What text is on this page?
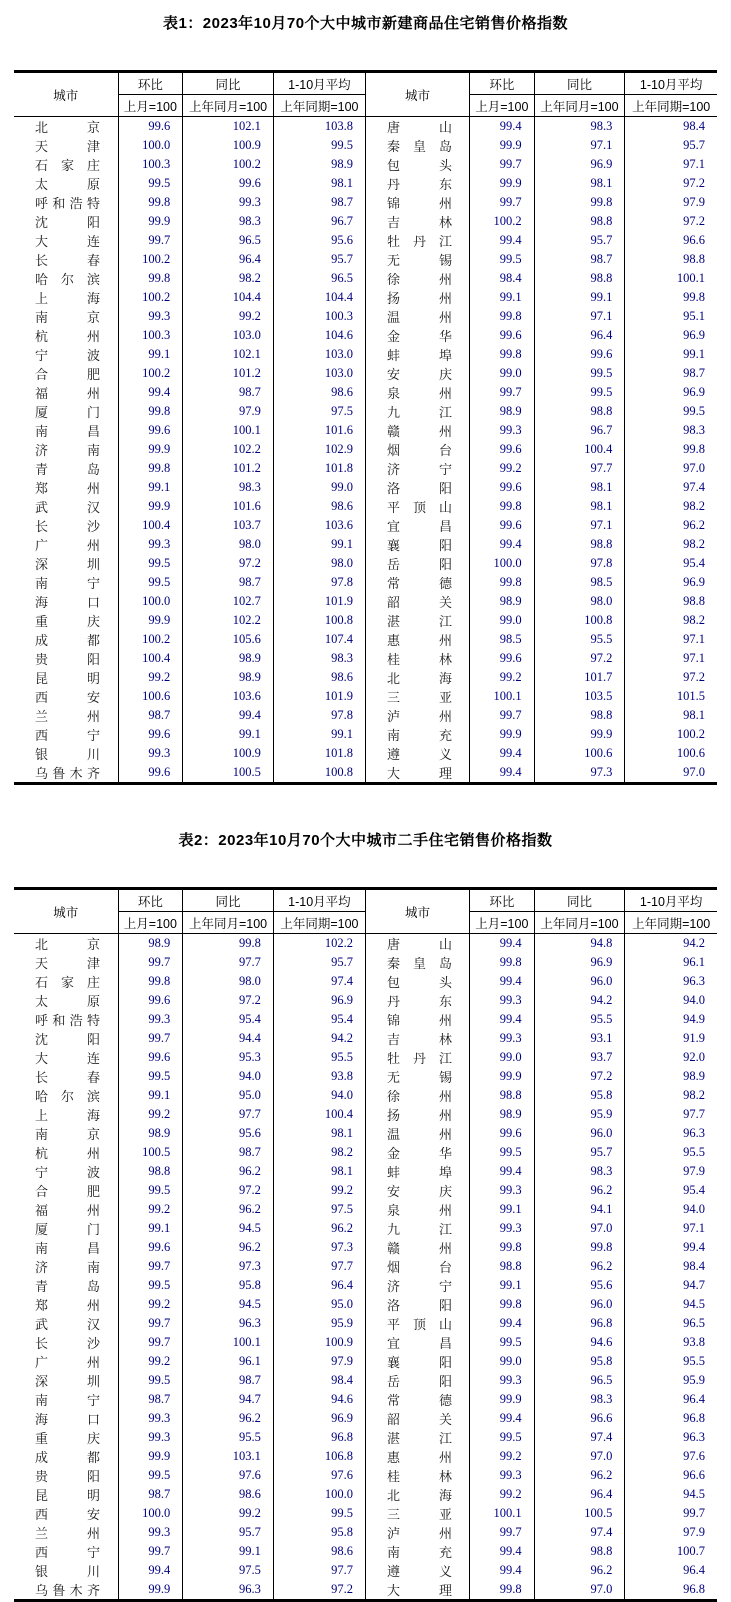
表1：2023年10月70个大中城市新建商品住宅销售价格指数
城市	环比	同比	1-10月平均	城市	环比	同比	1-10月平均
	上月=100	上年同月=100	上年同期=100		上月=100	上年同月=100	上年同期=100
北京	99.6	102.1	103.8	唐山	99.4	98.3	98.4
天津	100.0	100.9	99.5	秦皇岛	99.9	97.1	95.7
石家庄	100.3	100.2	98.9	包头	99.7	96.9	97.1
太原	99.5	99.6	98.1	丹东	99.9	98.1	97.2
呼和浩特	99.8	99.3	98.7	锦州	99.7	99.8	97.9
沈阳	99.9	98.3	96.7	吉林	100.2	98.8	97.2
大连	99.7	96.5	95.6	牡丹江	99.4	95.7	96.6
长春	100.2	96.4	95.7	无锡	99.5	98.7	98.8
哈尔滨	99.8	98.2	96.5	徐州	98.4	98.8	100.1
上海	100.2	104.4	104.4	扬州	99.1	99.1	99.8
南京	99.3	99.2	100.3	温州	99.8	97.1	95.1
杭州	100.3	103.0	104.6	金华	99.6	96.4	96.9
宁波	99.1	102.1	103.0	蚌埠	99.8	99.6	99.1
合肥	100.2	101.2	103.0	安庆	99.0	99.5	98.7
福州	99.4	98.7	98.6	泉州	99.7	99.5	96.9
厦门	99.8	97.9	97.5	九江	98.9	98.8	99.5
南昌	99.6	100.1	101.6	赣州	99.3	96.7	98.3
济南	99.9	102.2	102.9	烟台	99.6	100.4	99.8
青岛	99.8	101.2	101.8	济宁	99.2	97.7	97.0
郑州	99.1	98.3	99.0	洛阳	99.6	98.1	97.4
武汉	99.9	101.6	98.6	平顶山	99.8	98.1	98.2
长沙	100.4	103.7	103.6	宜昌	99.6	97.1	96.2
广州	99.3	98.0	99.1	襄阳	99.4	98.8	98.2
深圳	99.5	97.2	98.0	岳阳	100.0	97.8	95.4
南宁	99.5	98.7	97.8	常德	99.8	98.5	96.9
海口	100.0	102.7	101.9	韶关	98.9	98.0	98.8
重庆	99.9	102.2	100.8	湛江	99.0	100.8	98.2
成都	100.2	105.6	107.4	惠州	98.5	95.5	97.1
贵阳	100.4	98.9	98.3	桂林	99.6	97.2	97.1
昆明	99.2	98.9	98.6	北海	99.2	101.7	97.2
西安	100.6	103.6	101.9	三亚	100.1	103.5	101.5
兰州	98.7	99.4	97.8	泸州	99.7	98.8	98.1
西宁	99.6	99.1	99.1	南充	99.9	99.9	100.2
银川	99.3	100.9	101.8	遵义	99.4	100.6	100.6
乌鲁木齐	99.6	100.5	100.8	大理	99.4	97.3	97.0
表2：2023年10月70个大中城市二手住宅销售价格指数
城市	环比	同比	1-10月平均	城市	环比	同比	1-10月平均
	上月=100	上年同月=100	上年同期=100		上月=100	上年同月=100	上年同期=100
北京	98.9	99.8	102.2	唐山	99.4	94.8	94.2
天津	99.7	97.7	95.7	秦皇岛	99.8	96.9	96.1
石家庄	99.8	98.0	97.4	包头	99.4	96.0	96.3
太原	99.6	97.2	96.9	丹东	99.3	94.2	94.0
呼和浩特	99.3	95.4	95.4	锦州	99.4	95.5	94.9
沈阳	99.7	94.4	94.2	吉林	99.3	93.1	91.9
大连	99.6	95.3	95.5	牡丹江	99.0	93.7	92.0
长春	99.5	94.0	93.8	无锡	99.9	97.2	98.9
哈尔滨	99.1	95.0	94.0	徐州	98.8	95.8	98.2
上海	99.2	97.7	100.4	扬州	98.9	95.9	97.7
南京	98.9	95.6	98.1	温州	99.6	96.0	96.3
杭州	100.5	98.7	98.2	金华	99.5	95.7	95.5
宁波	98.8	96.2	98.1	蚌埠	99.4	98.3	97.9
合肥	99.5	97.2	99.2	安庆	99.3	96.2	95.4
福州	99.2	96.2	97.5	泉州	99.1	94.1	94.0
厦门	99.1	94.5	96.2	九江	99.3	97.0	97.1
南昌	99.6	96.2	97.3	赣州	99.8	99.8	99.4
济南	99.7	97.3	97.7	烟台	98.8	96.2	98.4
青岛	99.5	95.8	96.4	济宁	99.1	95.6	94.7
郑州	99.2	94.5	95.0	洛阳	99.8	96.0	94.5
武汉	99.7	96.3	95.9	平顶山	99.4	96.8	96.5
长沙	99.7	100.1	100.9	宜昌	99.5	94.6	93.8
广州	99.2	96.1	97.9	襄阳	99.0	95.8	95.5
深圳	99.5	98.7	98.4	岳阳	99.3	96.5	95.9
南宁	98.7	94.7	94.6	常德	99.9	98.3	96.4
海口	99.3	96.2	96.9	韶关	99.4	96.6	96.8
重庆	99.3	95.5	96.8	湛江	99.5	97.4	96.3
成都	99.9	103.1	106.8	惠州	99.2	97.0	97.6
贵阳	99.5	97.6	97.6	桂林	99.3	96.2	96.6
昆明	98.7	98.6	100.0	北海	99.2	96.4	94.5
西安	100.0	99.2	99.5	三亚	100.1	100.5	99.7
兰州	99.3	95.7	95.8	泸州	99.7	97.4	97.9
西宁	99.7	99.1	98.6	南充	99.4	98.8	100.7
银川	99.4	97.5	97.7	遵义	99.4	96.2	96.4
乌鲁木齐	99.9	96.3	97.2	大理	99.8	97.0	96.8
